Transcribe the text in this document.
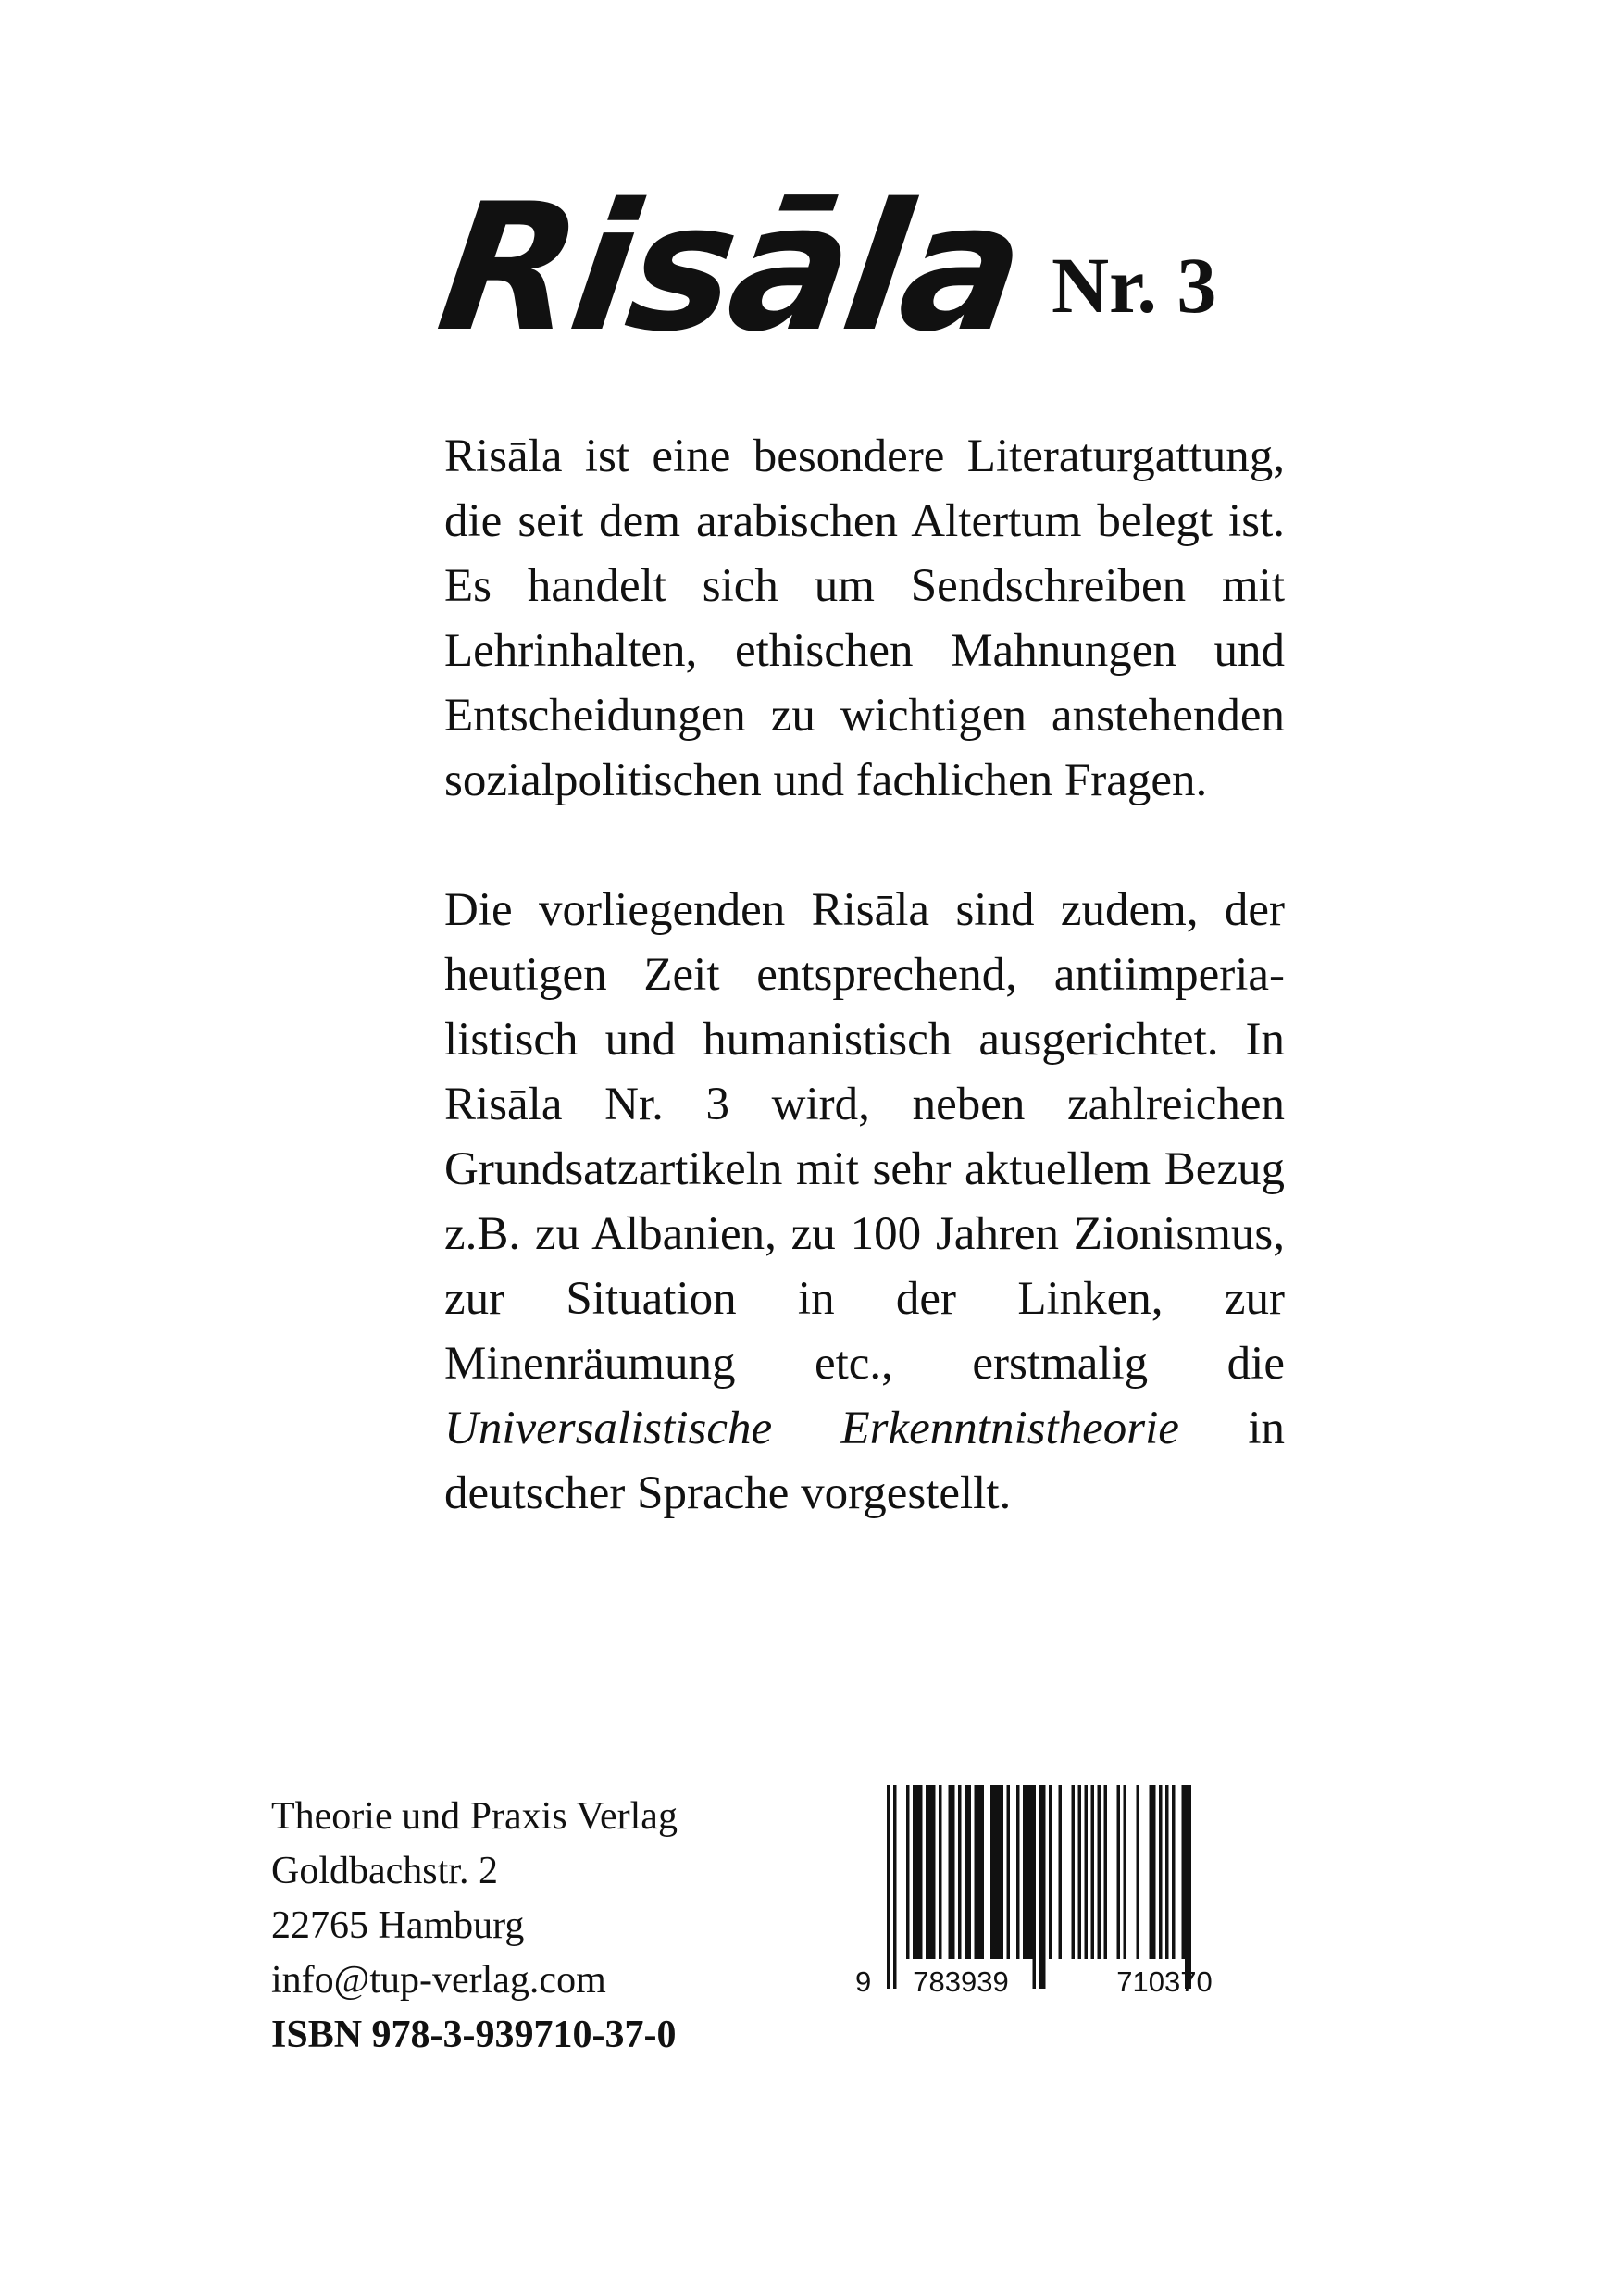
Risāla Nr. 3

Risāla ist eine besondere Literaturgattung, die seit dem arabischen Altertum belegt ist. Es handelt sich um Sendschreiben mit Lehrinhalten, ethischen Mahnungen und Entscheidungen zu wichtigen anstehenden sozialpolitischen und fachlichen Fragen.

Die vorliegenden Risāla sind zudem, der heutigen Zeit entsprechend, antiimperialistisch und humanistisch ausgerichtet. In Risāla Nr. 3 wird, neben zahlreichen Grundsatzartikeln mit sehr aktuellem Bezug z.B. zu Albanien, zu 100 Jahren Zionismus, zur Situation in der Linken, zur Minenräumung etc., erstmalig die Universalistische Erkenntnistheorie in deutscher Sprache vorgestellt.

Theorie und Praxis Verlag
Goldbachstr. 2
22765 Hamburg
info@tup-verlag.com
ISBN 978-3-939710-37-0
9 783939	710370
